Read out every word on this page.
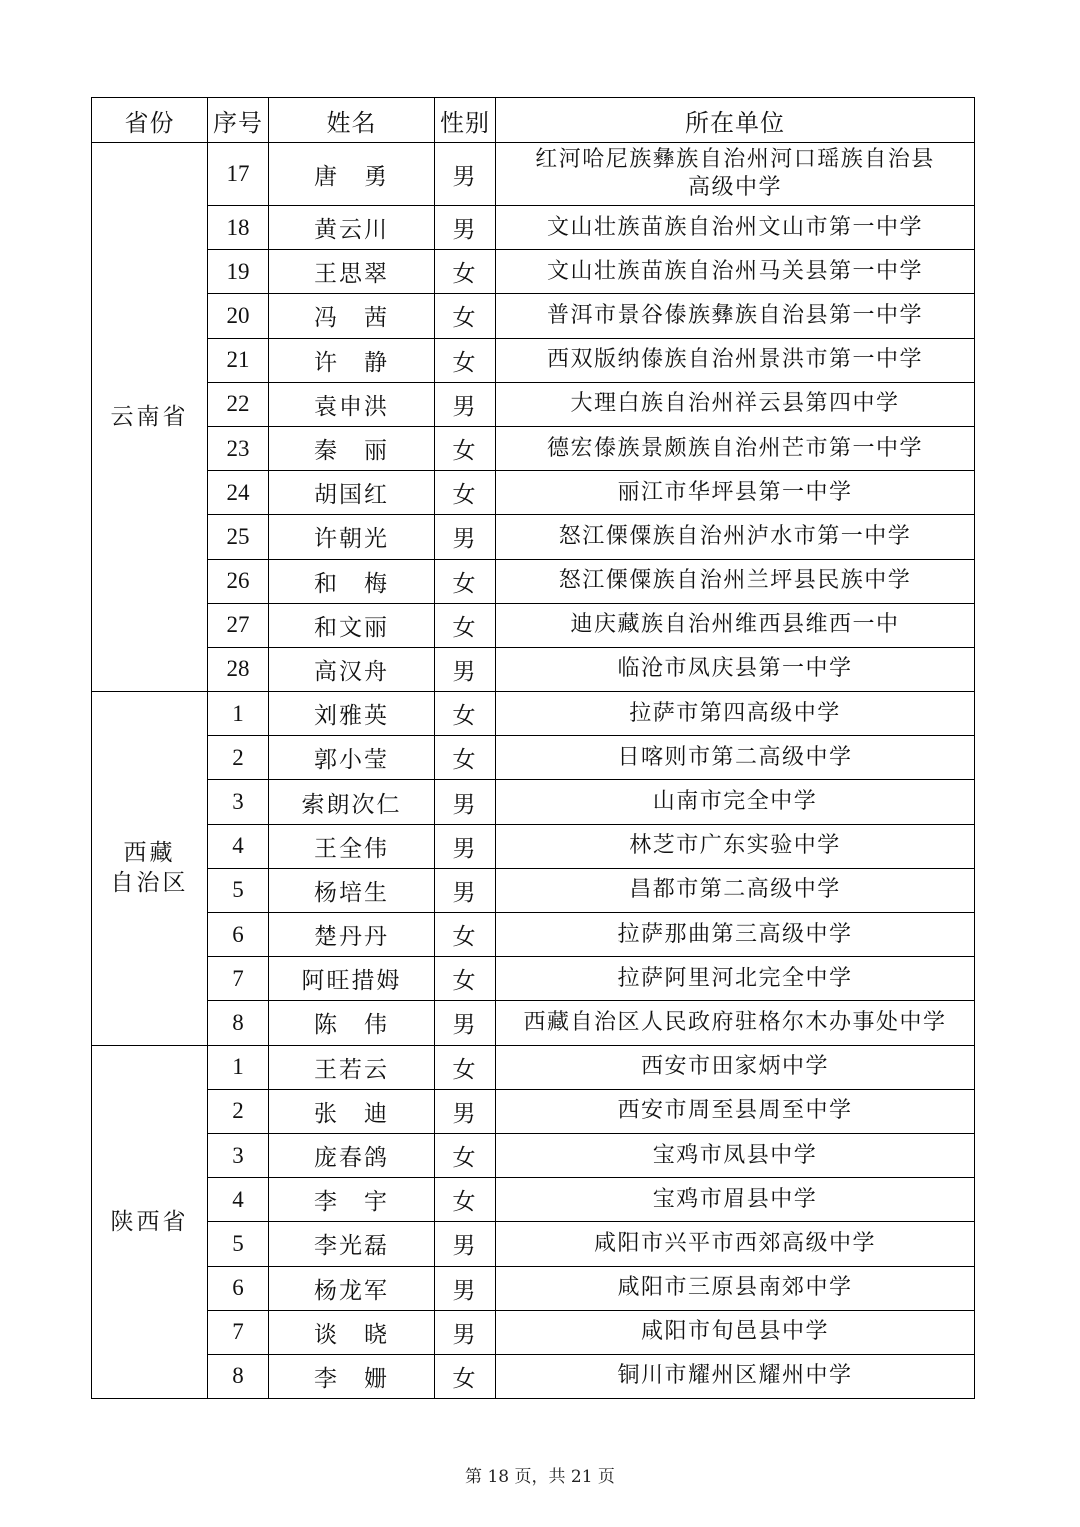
省份	序号	姓名	性别	所在单位
云南省	17	唐　勇	男	红河哈尼族彝族自治州河口瑶族自治县
高级中学
	18	黄云川	男	文山壮族苗族自治州文山市第一中学
	19	王思翠	女	文山壮族苗族自治州马关县第一中学
	20	冯　茜	女	普洱市景谷傣族彝族自治县第一中学
	21	许　静	女	西双版纳傣族自治州景洪市第一中学
	22	袁申洪	男	大理白族自治州祥云县第四中学
	23	秦　丽	女	德宏傣族景颇族自治州芒市第一中学
	24	胡国红	女	丽江市华坪县第一中学
	25	许朝光	男	怒江傈僳族自治州泸水市第一中学
	26	和　梅	女	怒江傈僳族自治州兰坪县民族中学
	27	和文丽	女	迪庆藏族自治州维西县维西一中
	28	高汉舟	男	临沧市凤庆县第一中学
西藏
自治区	1	刘雅英	女	拉萨市第四高级中学
	2	郭小莹	女	日喀则市第二高级中学
	3	索朗次仁	男	山南市完全中学
	4	王全伟	男	林芝市广东实验中学
	5	杨培生	男	昌都市第二高级中学
	6	楚丹丹	女	拉萨那曲第三高级中学
	7	阿旺措姆	女	拉萨阿里河北完全中学
	8	陈　伟	男	西藏自治区人民政府驻格尔木办事处中学
陕西省	1	王若云	女	西安市田家炳中学
	2	张　迪	男	西安市周至县周至中学
	3	庞春鸽	女	宝鸡市凤县中学
	4	李　宇	女	宝鸡市眉县中学
	5	李光磊	男	咸阳市兴平市西郊高级中学
	6	杨龙军	男	咸阳市三原县南郊中学
	7	谈　晓	男	咸阳市旬邑县中学
	8	李　姗	女	铜川市耀州区耀州中学
第 18 页，共 21 页
